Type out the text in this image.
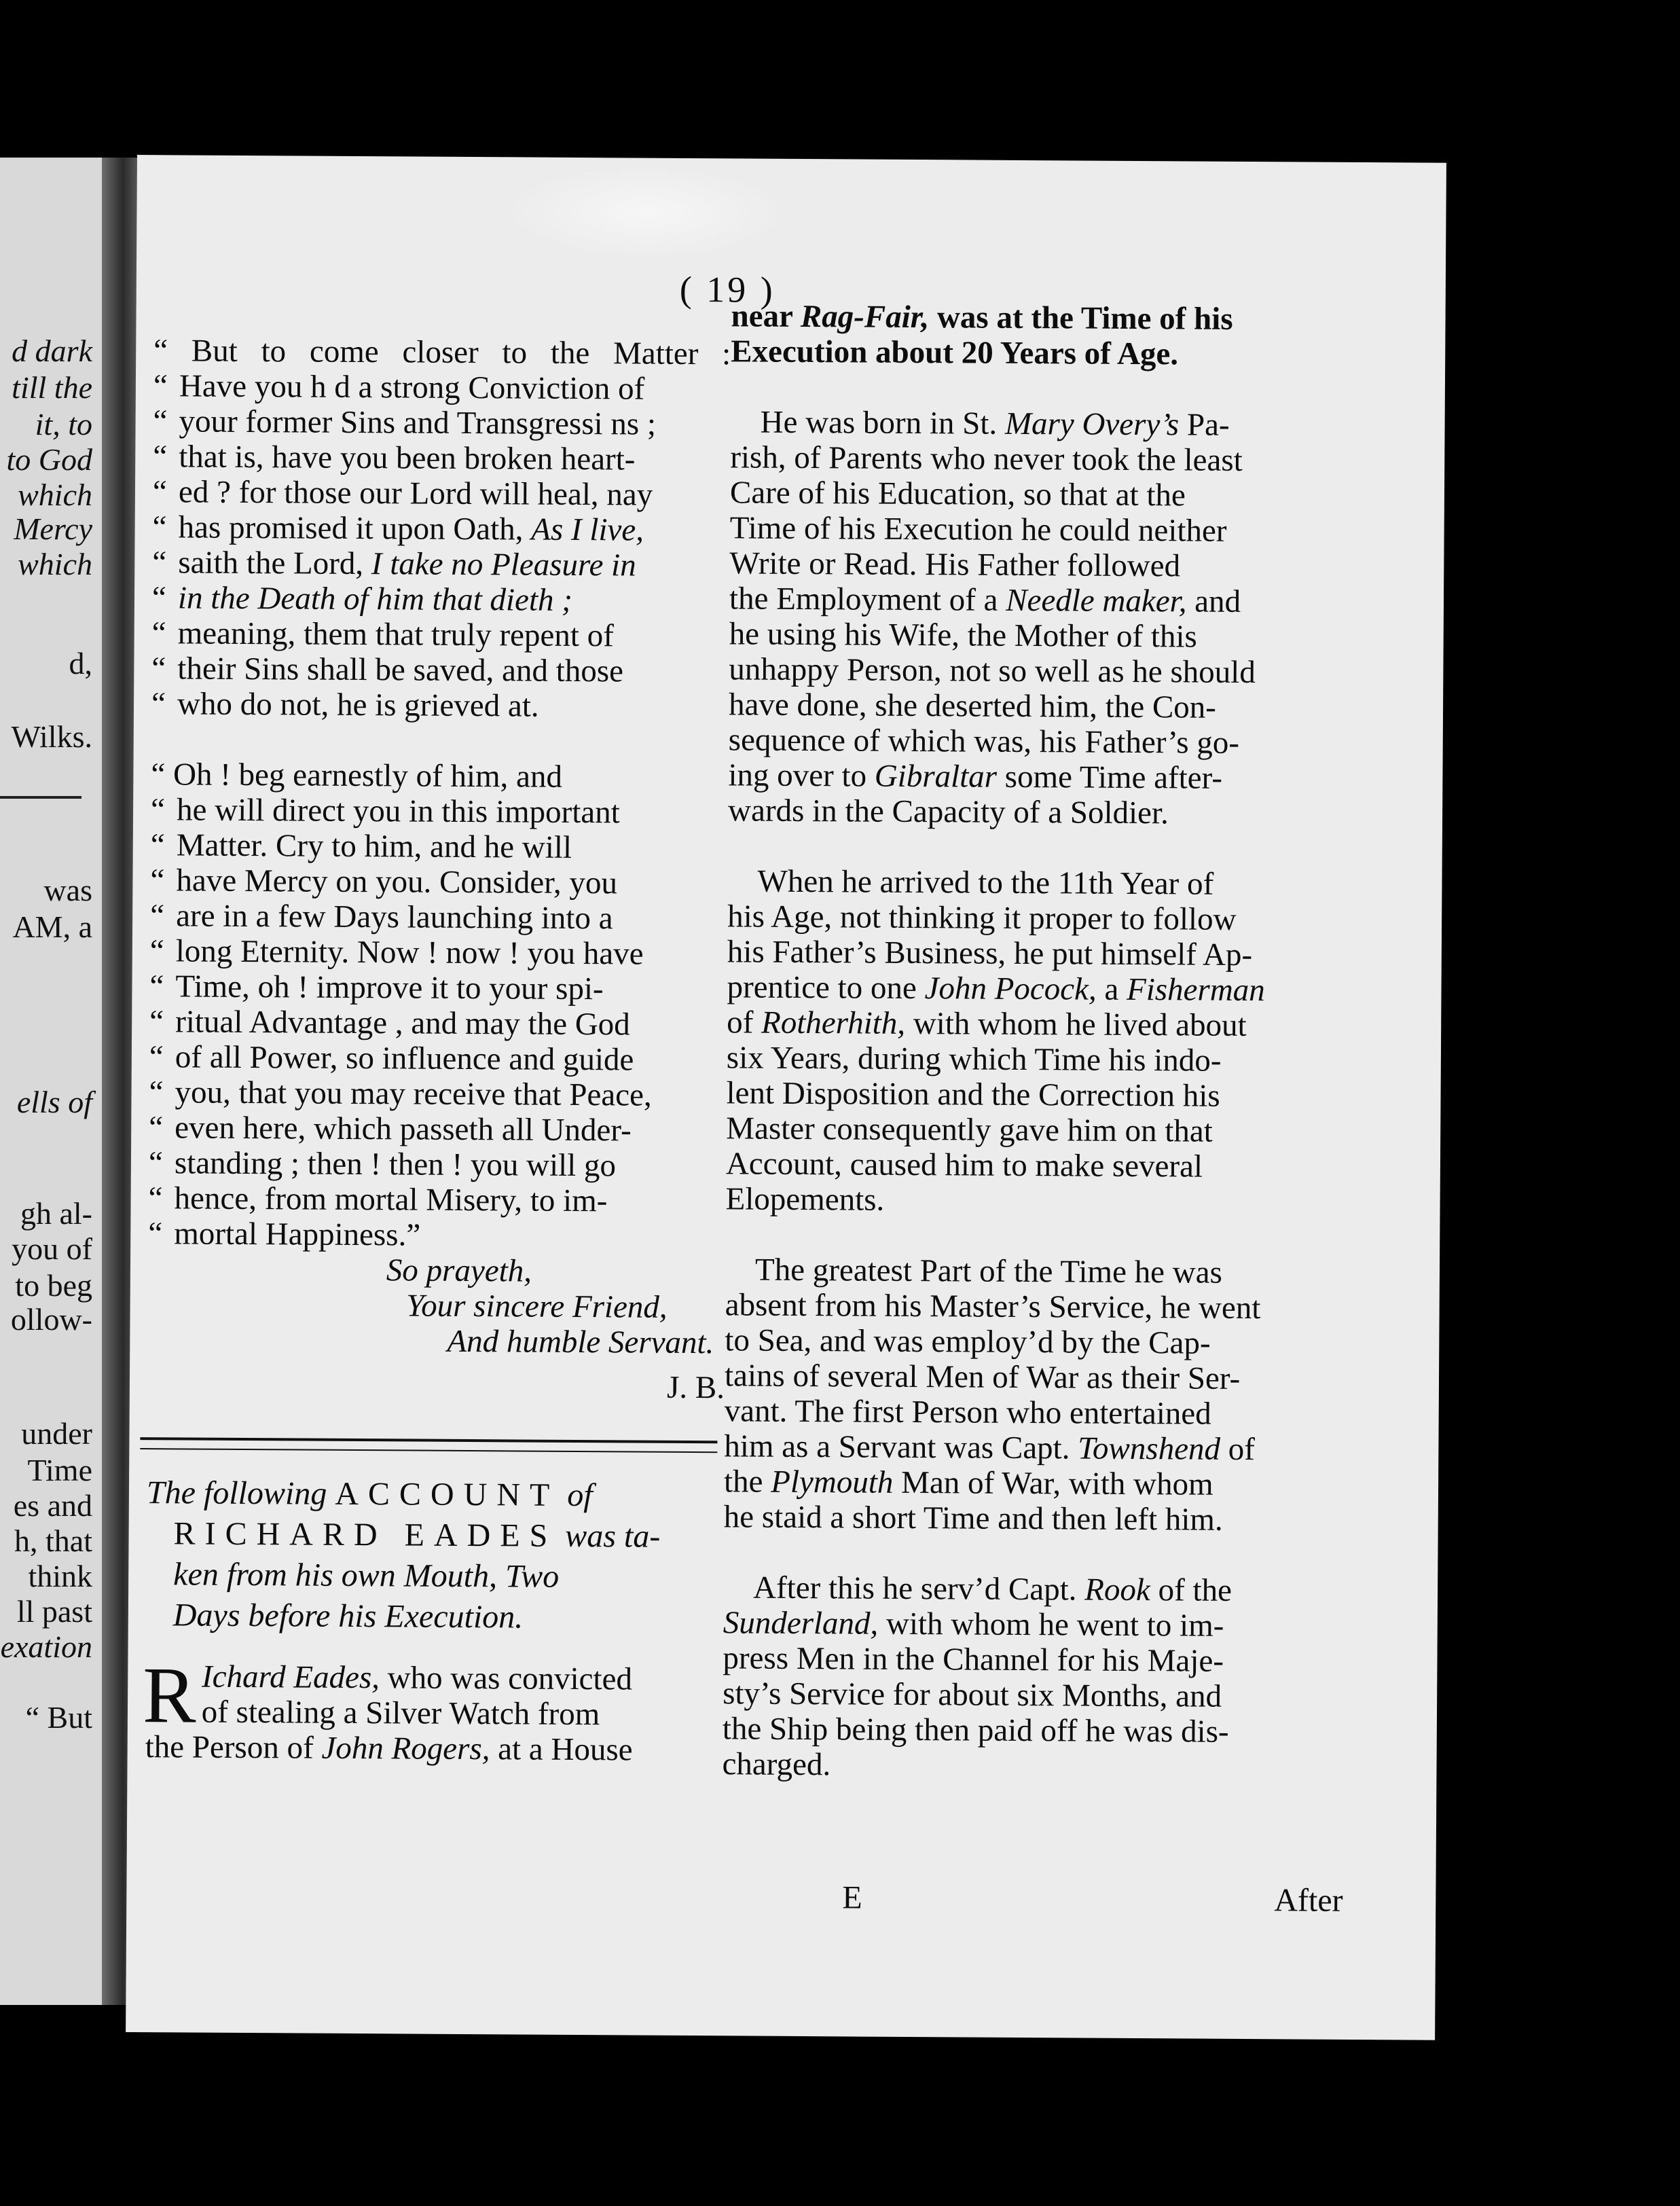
d dark
till the
it, to
to God
which
Mercy
which
d,
Wilks.
was
AM, a
ells of
gh al-
you of
to beg
ollow-
under
Time
es and
h, that
think
ll past
exation
“ But
( 19 )
“ But to come closer to the Matter :
“ Have you h d a strong Conviction of
“ your former Sins and Transgressi ns ;
“ that is, have you been broken heart-
“ ed ? for those our Lord will heal, nay
“ has promised it upon Oath, As I live,
“ saith the Lord, I take no Pleasure in
“ in the Death of him that dieth ;
“ meaning, them that truly repent of
“ their Sins shall be saved, and those
“ who do not, he is grieved at.
“ Oh ! beg earnestly of him, and
“ he will direct you in this important
“ Matter. Cry to him, and he will
“ have Mercy on you. Consider, you
“ are in a few Days launching into a
“ long Eternity. Now ! now ! you have
“ Time, oh ! improve it to your spi-
“ ritual Advantage , and may the God
“ of all Power, so influence and guide
“ you, that you may receive that Peace,
“ even here, which passeth all Under-
“ standing ; then ! then ! you will go
“ hence, from mortal Misery, to im-
“ mortal Happiness.”
So prayeth,
Your sincere Friend,
And humble Servant.
J. B.
The following ACCOUNT of
RICHARD EADES was ta-
ken from his own Mouth, Two
Days before his Execution.
R Ichard Eades, who was convicted
of stealing a Silver Watch from
the Person of John Rogers, at a House
near Rag-Fair, was at the Time of his
Execution about 20 Years of Age.
He was born in St. Mary Overy’s Pa-
rish, of Parents who never took the least
Care of his Education, so that at the
Time of his Execution he could neither
Write or Read. His Father followed
the Employment of a Needle maker, and
he using his Wife, the Mother of this
unhappy Person, not so well as he should
have done, she deserted him, the Con-
sequence of which was, his Father’s go-
ing over to Gibraltar some Time after-
wards in the Capacity of a Soldier.
When he arrived to the 11th Year of
his Age, not thinking it proper to follow
his Father’s Business, he put himself Ap-
prentice to one John Pocock, a Fisherman
of Rotherhith, with whom he lived about
six Years, during which Time his indo-
lent Disposition and the Correction his
Master consequently gave him on that
Account, caused him to make several
Elopements.
The greatest Part of the Time he was
absent from his Master’s Service, he went
to Sea, and was employ’d by the Cap-
tains of several Men of War as their Ser-
vant. The first Person who entertained
him as a Servant was Capt. Townshend of
the Plymouth Man of War, with whom
he staid a short Time and then left him.
After this he serv’d Capt. Rook of the
Sunderland, with whom he went to im-
press Men in the Channel for his Maje-
sty’s Service for about six Months, and
the Ship being then paid off he was dis-
charged.
E	After
